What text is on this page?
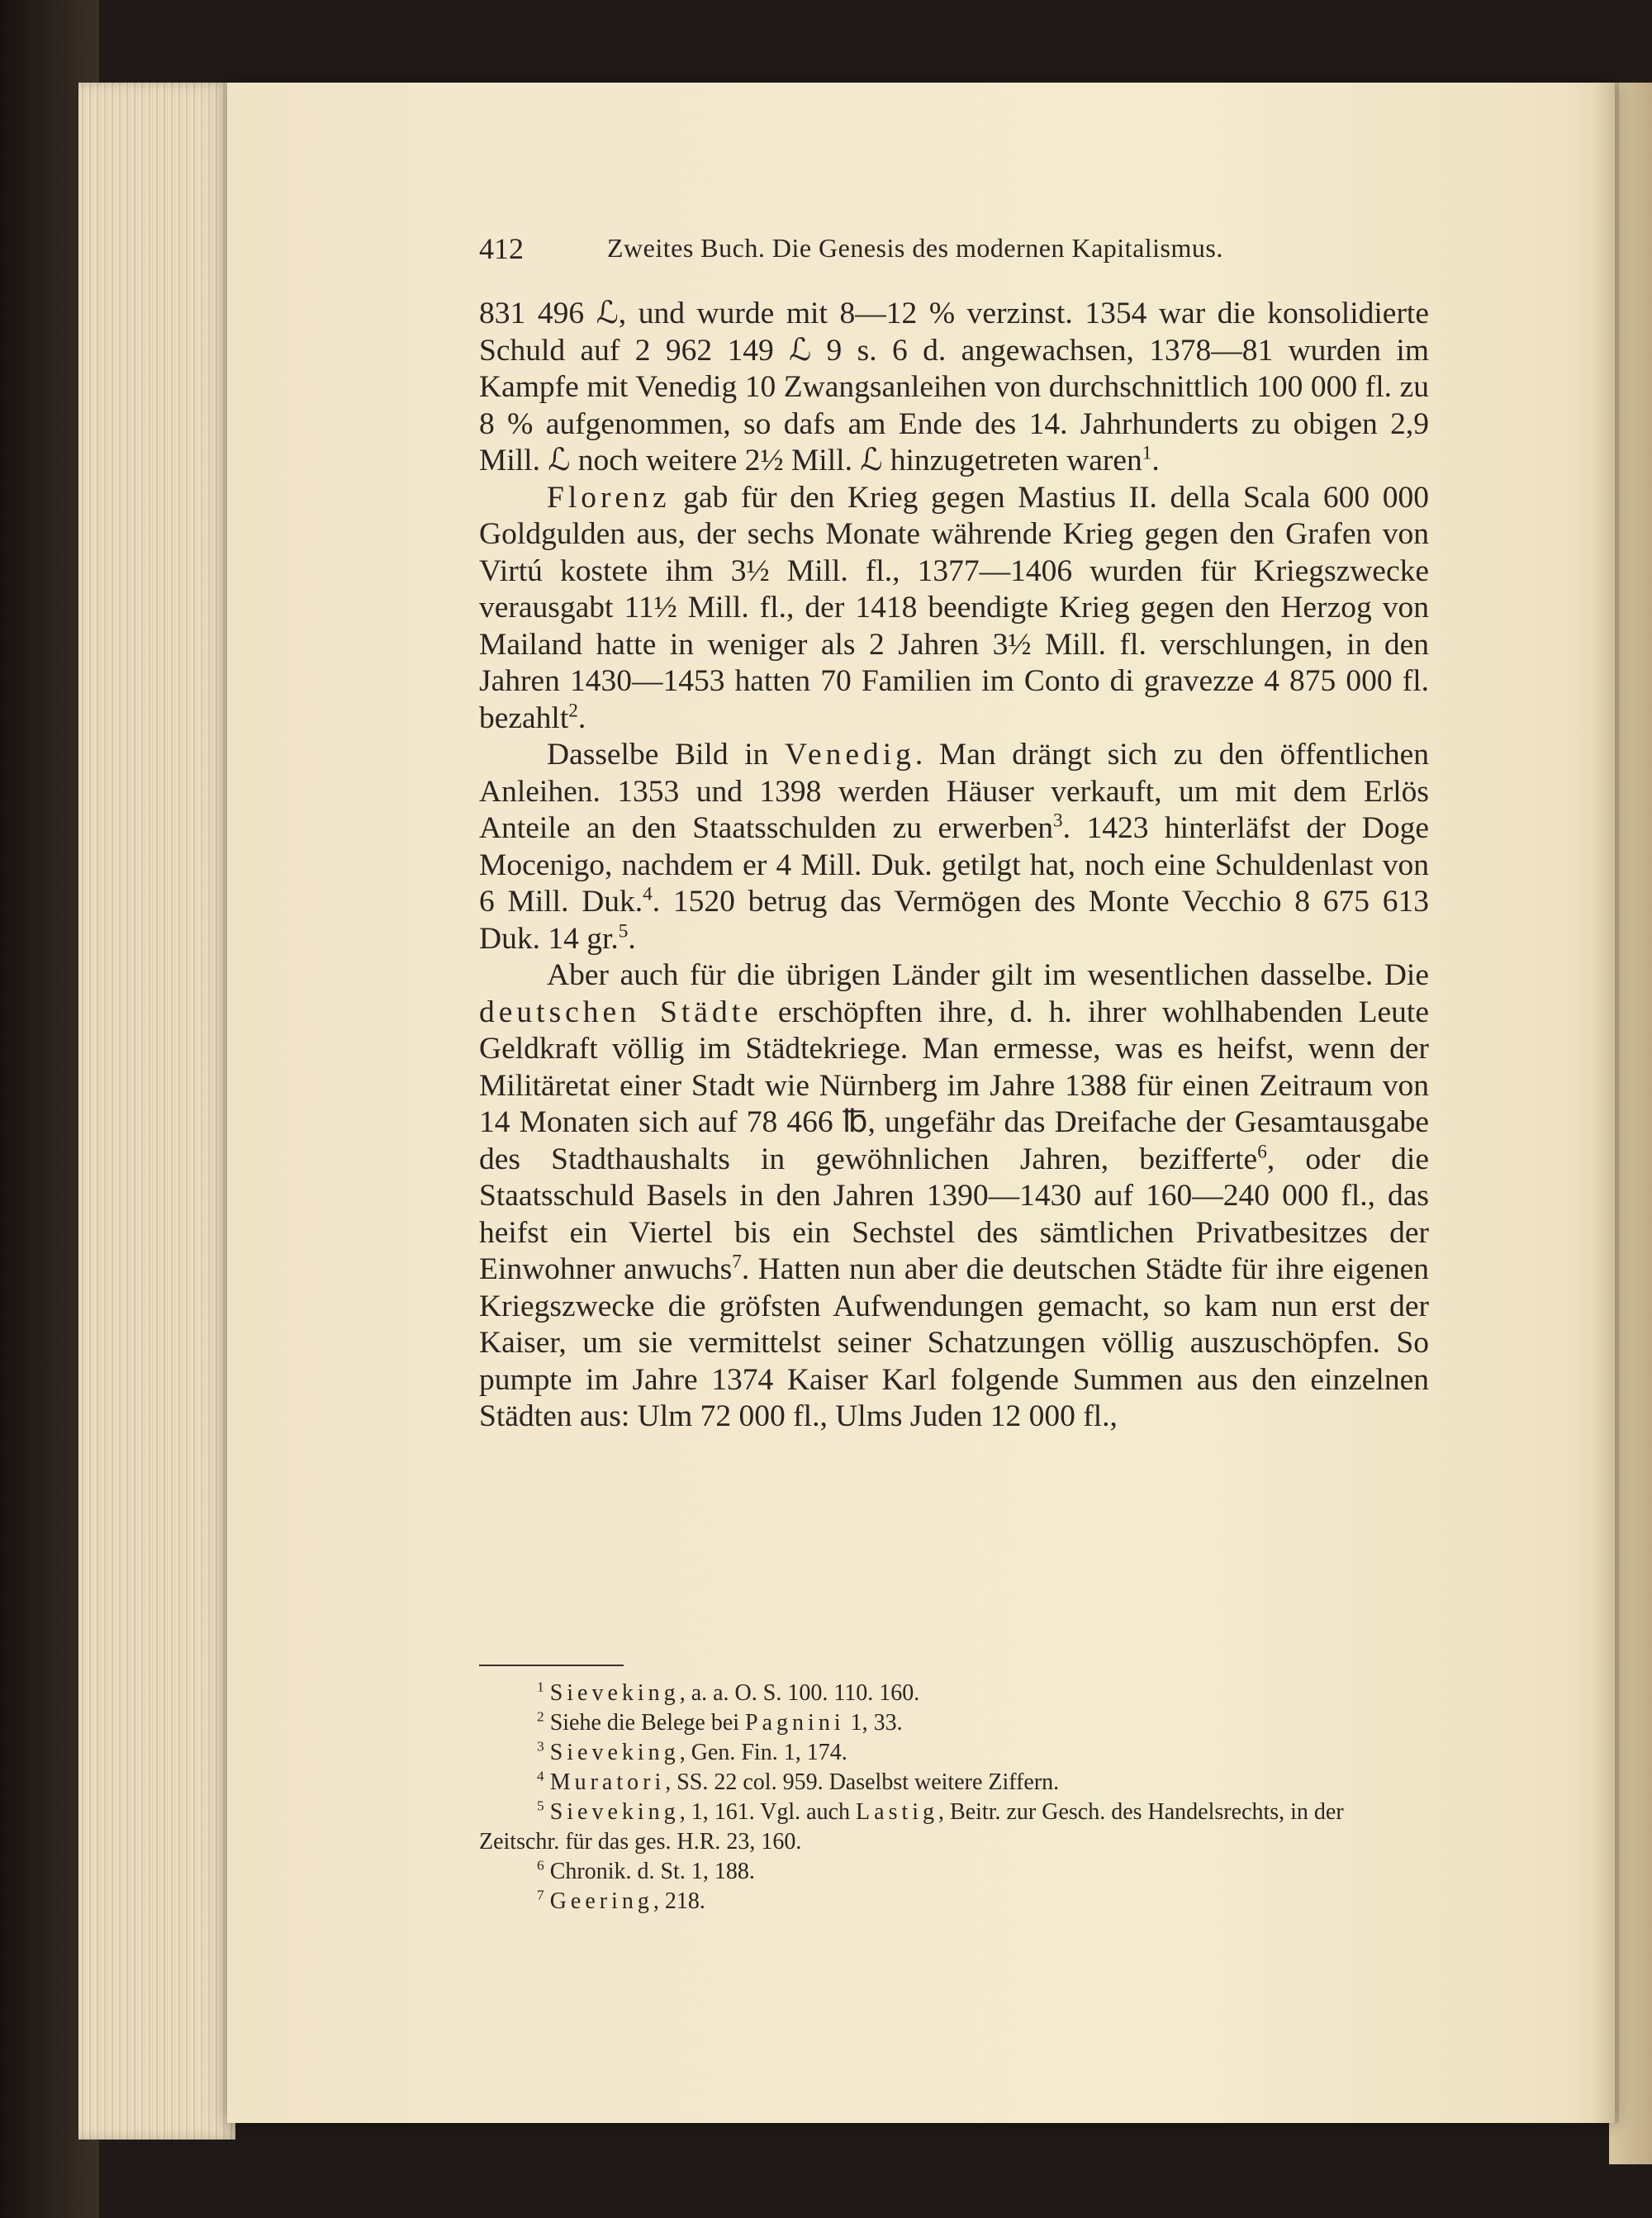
412	Zweites Buch. Die Genesis des modernen Kapitalismus.

831 496 ℒ, und wurde mit 8—12 % verzinst. 1354 war die konsolidierte Schuld auf 2 962 149 ℒ 9 s. 6 d. angewachsen, 1378—81 wurden im Kampfe mit Venedig 10 Zwangsanleihen von durchschnittlich 100 000 fl. zu 8 % aufgenommen, so dafs am Ende des 14. Jahrhunderts zu obigen 2,9 Mill. ℒ noch weitere 2½ Mill. ℒ hinzugetreten waren$^1$.

Florenz gab für den Krieg gegen Mastius II. della Scala 600 000 Goldgulden aus, der sechs Monate währende Krieg gegen den Grafen von Virtú kostete ihm 3½ Mill. fl., 1377—1406 wurden für Kriegszwecke verausgabt 11½ Mill. fl., der 1418 beendigte Krieg gegen den Herzog von Mailand hatte in weniger als 2 Jahren 3½ Mill. fl. verschlungen, in den Jahren 1430—1453 hatten 70 Familien im Conto di gravezze 4 875 000 fl. bezahlt$^2$.

Dasselbe Bild in Venedig. Man drängt sich zu den öffentlichen Anleihen. 1353 und 1398 werden Häuser verkauft, um mit dem Erlös Anteile an den Staatsschulden zu erwerben$^3$. 1423 hinterläfst der Doge Mocenigo, nachdem er 4 Mill. Duk. getilgt hat, noch eine Schuldenlast von 6 Mill. Duk.$^4$. 1520 betrug das Vermögen des Monte Vecchio 8 675 613 Duk. 14 gr.$^5$.

Aber auch für die übrigen Länder gilt im wesentlichen dasselbe. Die deutschen Städte erschöpften ihre, d. h. ihrer wohlhabenden Leute Geldkraft völlig im Städtekriege. Man ermesse, was es heifst, wenn der Militäretat einer Stadt wie Nürnberg im Jahre 1388 für einen Zeitraum von 14 Monaten sich auf 78 466 ℔, ungefähr das Dreifache der Gesamtausgabe des Stadthaushalts in gewöhnlichen Jahren, bezifferte$^6$, oder die Staatsschuld Basels in den Jahren 1390—1430 auf 160—240 000 fl., das heifst ein Viertel bis ein Sechstel des sämtlichen Privatbesitzes der Einwohner anwuchs$^7$. Hatten nun aber die deutschen Städte für ihre eigenen Kriegszwecke die gröfsten Aufwendungen gemacht, so kam nun erst der Kaiser, um sie vermittelst seiner Schatzungen völlig auszuschöpfen. So pumpte im Jahre 1374 Kaiser Karl folgende Summen aus den einzelnen Städten aus: Ulm 72 000 fl., Ulms Juden 12 000 fl.,

$^1$ Sieveking, a. a. O. S. 100. 110. 160.

$^2$ Siehe die Belege bei Pagnini 1, 33.

$^3$ Sieveking, Gen. Fin. 1, 174.

$^4$ Muratori, SS. 22 col. 959. Daselbst weitere Ziffern.

$^5$ Sieveking, 1, 161. Vgl. auch Lastig, Beitr. zur Gesch. des Handelsrechts, in der Zeitschr. für das ges. H.R. 23, 160.

$^6$ Chronik. d. St. 1, 188.

$^7$ Geering, 218.
